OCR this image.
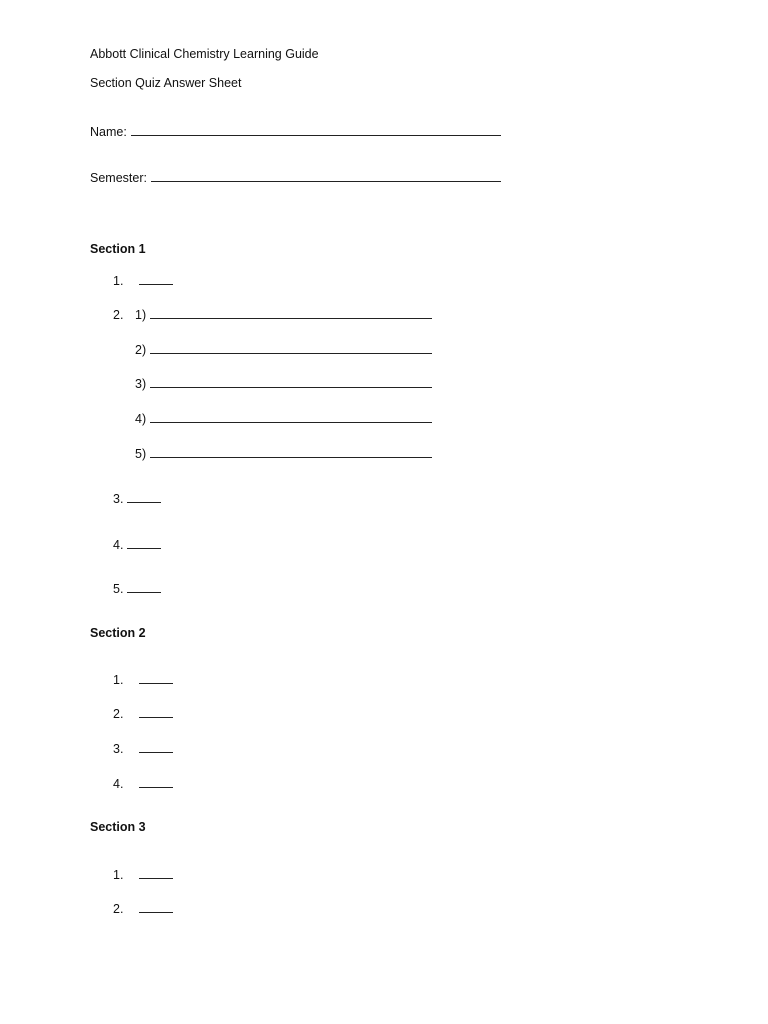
Abbott Clinical Chemistry Learning Guide
Section Quiz Answer Sheet
Name:
Semester:
Section 1
1.
2. 1)
2)
3)
4)
5)
3.
4.
5.
Section 2
1.
2.
3.
4.
Section 3
1.
2.
